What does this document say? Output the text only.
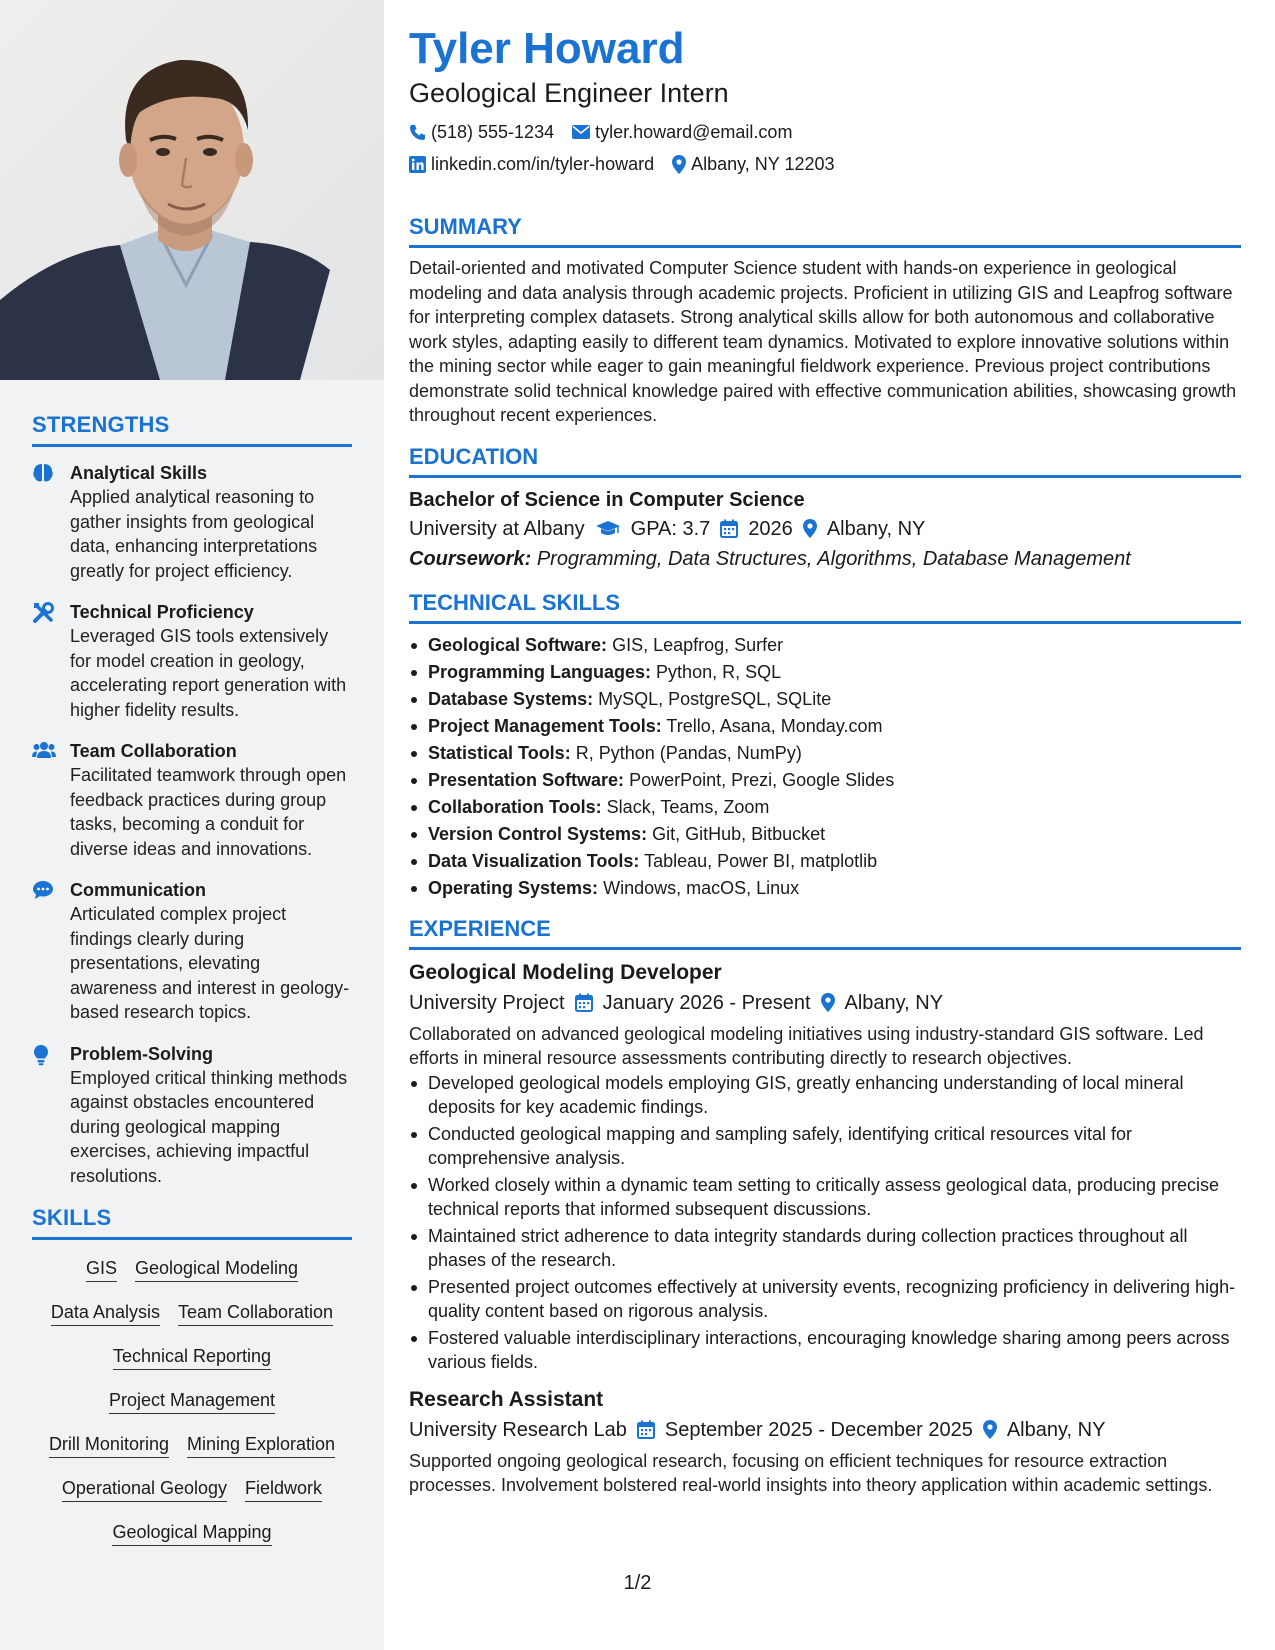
STRENGTHS
Analytical Skills
Applied analytical reasoning to gather insights from geological data, enhancing interpretations greatly for project efficiency.
Technical Proficiency
Leveraged GIS tools extensively for model creation in geology, accelerating report generation with higher fidelity results.
Team Collaboration
Facilitated teamwork through open feedback practices during group tasks, becoming a conduit for diverse ideas and innovations.
Communication
Articulated complex project findings clearly during presentations, elevating awareness and interest in geology-based research topics.
Problem-Solving
Employed critical thinking methods against obstacles encountered during geological mapping exercises, achieving impactful resolutions.
SKILLS
GIS Geological Modeling
Data Analysis Team Collaboration
Technical Reporting
Project Management
Drill Monitoring Mining Exploration
Operational Geology Fieldwork
Geological Mapping
Tyler Howard
Geological Engineer Intern
(518) 555-1234 tyler.howard@email.com
linkedin.com/in/tyler-howard Albany, NY 12203
SUMMARY
Detail-oriented and motivated Computer Science student with hands-on experience in geological modeling and data analysis through academic projects. Proficient in utilizing GIS and Leapfrog software for interpreting complex datasets. Strong analytical skills allow for both autonomous and collaborative work styles, adapting easily to different team dynamics. Motivated to explore innovative solutions within the mining sector while eager to gain meaningful fieldwork experience. Previous project contributions demonstrate solid technical knowledge paired with effective communication abilities, showcasing growth throughout recent experiences.
EDUCATION
Bachelor of Science in Computer Science
University at Albany GPA: 3.7 2026 Albany, NY
Coursework: Programming, Data Structures, Algorithms, Database Management
TECHNICAL SKILLS
Geological Software: GIS, Leapfrog, Surfer
Programming Languages: Python, R, SQL
Database Systems: MySQL, PostgreSQL, SQLite
Project Management Tools: Trello, Asana, Monday.com
Statistical Tools: R, Python (Pandas, NumPy)
Presentation Software: PowerPoint, Prezi, Google Slides
Collaboration Tools: Slack, Teams, Zoom
Version Control Systems: Git, GitHub, Bitbucket
Data Visualization Tools: Tableau, Power BI, matplotlib
Operating Systems: Windows, macOS, Linux
EXPERIENCE
Geological Modeling Developer
University Project January 2026 - Present Albany, NY
Collaborated on advanced geological modeling initiatives using industry-standard GIS software. Led efforts in mineral resource assessments contributing directly to research objectives.
Developed geological models employing GIS, greatly enhancing understanding of local mineral deposits for key academic findings.
Conducted geological mapping and sampling safely, identifying critical resources vital for comprehensive analysis.
Worked closely within a dynamic team setting to critically assess geological data, producing precise technical reports that informed subsequent discussions.
Maintained strict adherence to data integrity standards during collection practices throughout all phases of the research.
Presented project outcomes effectively at university events, recognizing proficiency in delivering high-quality content based on rigorous analysis.
Fostered valuable interdisciplinary interactions, encouraging knowledge sharing among peers across various fields.
Research Assistant
University Research Lab September 2025 - December 2025 Albany, NY
Supported ongoing geological research, focusing on efficient techniques for resource extraction processes. Involvement bolstered real-world insights into theory application within academic settings.
1/2
